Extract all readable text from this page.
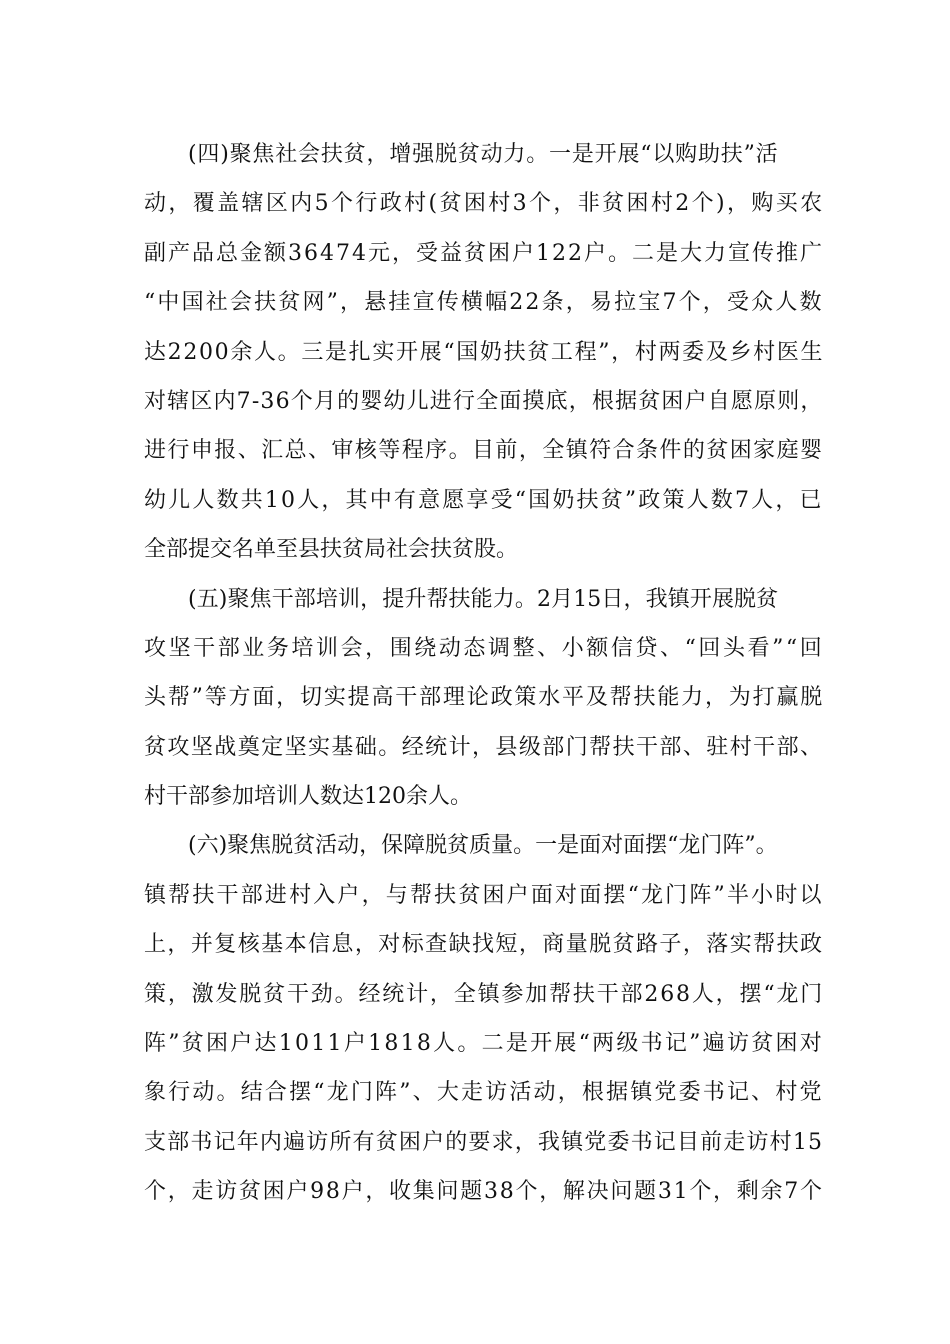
(四)聚焦社会扶贫，增强脱贫动力。一是开展“以购助扶”活
动，覆盖辖区内5个行政村(贫困村3个，非贫困村2个)，购买农
副产品总金额36474元，受益贫困户122户。二是大力宣传推广
“中国社会扶贫网”，悬挂宣传横幅22条，易拉宝7个，受众人数
达2200余人。三是扎实开展“国奶扶贫工程”，村两委及乡村医生
对辖区内7-36个月的婴幼儿进行全面摸底，根据贫困户自愿原则，
进行申报、汇总、审核等程序。目前，全镇符合条件的贫困家庭婴
幼儿人数共10人，其中有意愿享受“国奶扶贫”政策人数7人，已
全部提交名单至县扶贫局社会扶贫股。
(五)聚焦干部培训，提升帮扶能力。2月15日，我镇开展脱贫
攻坚干部业务培训会，围绕动态调整、小额信贷、“回头看”“回
头帮”等方面，切实提高干部理论政策水平及帮扶能力，为打赢脱
贫攻坚战奠定坚实基础。经统计，县级部门帮扶干部、驻村干部、
村干部参加培训人数达120余人。
(六)聚焦脱贫活动，保障脱贫质量。一是面对面摆“龙门阵”。
镇帮扶干部进村入户，与帮扶贫困户面对面摆“龙门阵”半小时以
上，并复核基本信息，对标查缺找短，商量脱贫路子，落实帮扶政
策，激发脱贫干劲。经统计，全镇参加帮扶干部268人，摆“龙门
阵”贫困户达1011户1818人。二是开展“两级书记”遍访贫困对
象行动。结合摆“龙门阵”、大走访活动，根据镇党委书记、村党
支部书记年内遍访所有贫困户的要求，我镇党委书记目前走访村15
个，走访贫困户98户，收集问题38个，解决问题31个，剩余7个
